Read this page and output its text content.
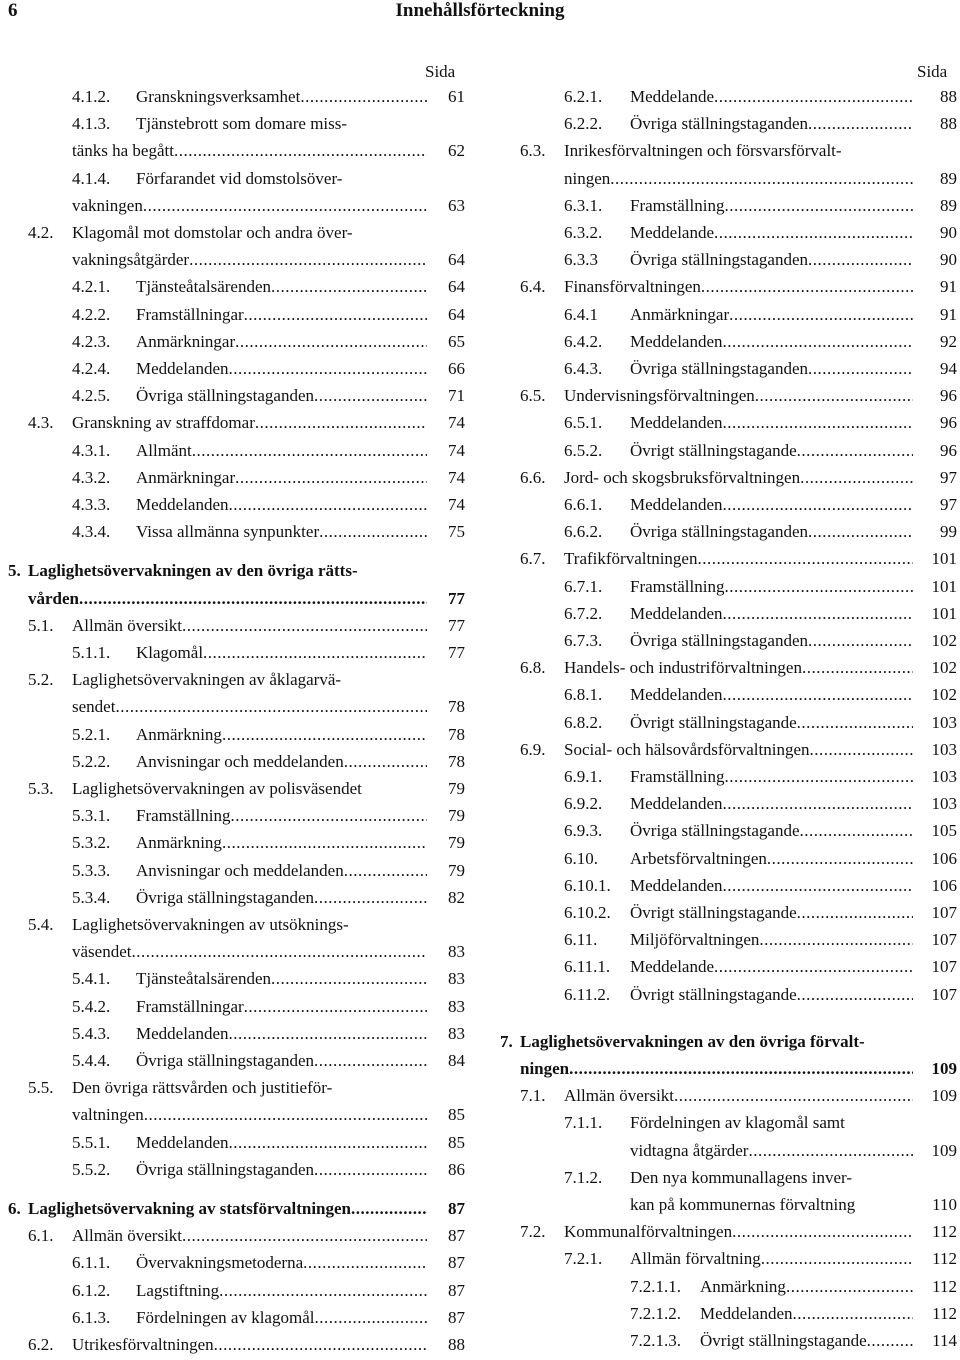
6	Innehållsförteckning
Sida
4.1.2. Granskningsverksamhet .....	61
4.1.3. Tjänstebrott som domare miss-
tänks ha begått .....	62
4.1.4. Förfarandet vid domstolsöver-
vakningen .....	63
4.2. Klagomål mot domstolar och andra över-
vakningsåtgärder .....	64
4.2.1. Tjänsteåtalsärenden .....	64
4.2.2. Framställningar .....	64
4.2.3. Anmärkningar .....	65
4.2.4. Meddelanden .....	66
4.2.5. Övriga ställningstaganden .....	71
4.3. Granskning av straffdomar .....	74
4.3.1. Allmänt .....	74
4.3.2. Anmärkningar .....	74
4.3.3. Meddelanden .....	74
4.3.4. Vissa allmänna synpunkter .....	75
5. Laglighetsövervakningen av den övriga rätts-
vården .....	77
5.1. Allmän översikt .....	77
5.1.1. Klagomål .....	77
5.2. Laglighetsövervakningen av åklagarvä-
sendet .....	78
5.2.1. Anmärkning .....	78
5.2.2. Anvisningar och meddelanden .....	78
5.3. Laglighetsövervakningen av polisväsendet	79
5.3.1. Framställning .....	79
5.3.2. Anmärkning .....	79
5.3.3. Anvisningar och meddelanden .....	79
5.3.4. Övriga ställningstaganden .....	82
5.4. Laglighetsövervakningen av utsöknings-
väsendet .....	83
5.4.1. Tjänsteåtalsärenden .....	83
5.4.2. Framställningar .....	83
5.4.3. Meddelanden .....	83
5.4.4. Övriga ställningstaganden .....	84
5.5. Den övriga rättsvården och justitieför-
valtningen .....	85
5.5.1. Meddelanden .....	85
5.5.2. Övriga ställningstaganden .....	86
6. Laglighetsövervakning av statsförvaltningen .....	87
6.1. Allmän översikt .....	87
6.1.1. Övervakningsmetoderna .....	87
6.1.2. Lagstiftning .....	87
6.1.3. Fördelningen av klagomål .....	87
6.2. Utrikesförvaltningen .....	88
Sida
6.2.1. Meddelande .....	88
6.2.2. Övriga ställningstaganden .....	88
6.3. Inrikesförvaltningen och försvarsförvalt-
ningen .....	89
6.3.1. Framställning .....	89
6.3.2. Meddelande .....	90
6.3.3 Övriga ställningstaganden .....	90
6.4. Finansförvaltningen .....	91
6.4.1 Anmärkningar .....	91
6.4.2. Meddelanden .....	92
6.4.3. Övriga ställningstaganden .....	94
6.5. Undervisningsförvaltningen .....	96
6.5.1. Meddelanden .....	96
6.5.2. Övrigt ställningstagande .....	96
6.6. Jord- och skogsbruksförvaltningen .....	97
6.6.1. Meddelanden .....	97
6.6.2. Övriga ställningstaganden .....	99
6.7. Trafikförvaltningen .....	101
6.7.1. Framställning .....	101
6.7.2. Meddelanden .....	101
6.7.3. Övriga ställningstaganden .....	102
6.8. Handels- och industriförvaltningen .....	102
6.8.1. Meddelanden .....	102
6.8.2. Övrigt ställningstagande .....	103
6.9. Social- och hälsovårdsförvaltningen .....	103
6.9.1. Framställning .....	103
6.9.2. Meddelanden .....	103
6.9.3. Övriga ställningstagande .....	105
6.10. Arbetsförvaltningen .....	106
6.10.1. Meddelanden .....	106
6.10.2. Övrigt ställningstagande .....	107
6.11. Miljöförvaltningen .....	107
6.11.1. Meddelande .....	107
6.11.2. Övrigt ställningstagande .....	107
7. Laglighetsövervakningen av den övriga förvalt-
ningen .....	109
7.1. Allmän översikt .....	109
7.1.1. Fördelningen av klagomål samt
vidtagna åtgärder .....	109
7.1.2. Den nya kommunallagens inver-
kan på kommunernas förvaltning	110
7.2. Kommunalförvaltningen .....	112
7.2.1. Allmän förvaltning .....	112
7.2.1.1. Anmärkning .....	112
7.2.1.2. Meddelanden .....	112
7.2.1.3. Övrigt ställningstagande .....	114
